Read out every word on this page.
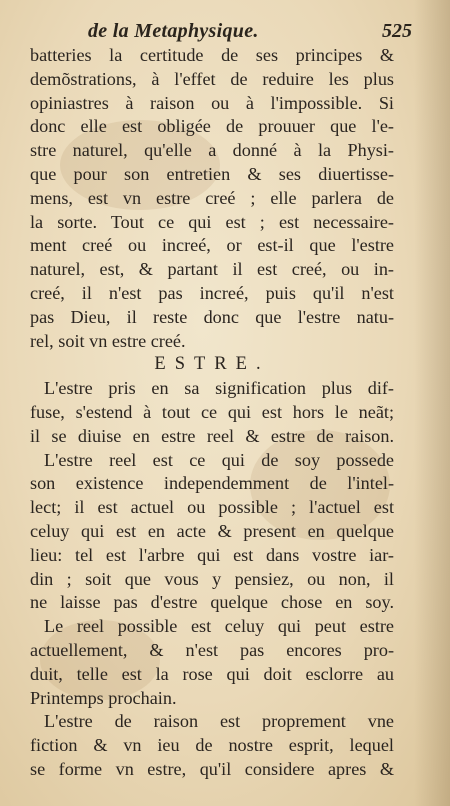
de la Metaphysique.	525
batteries la certitude de ses principes &
demõstrations, à l'effet de reduire les plus
opiniastres à raison ou à l'impossible. Si
donc elle est obligée de prouuer que l'e-
stre naturel, qu'elle a donné à la Physi-
que pour son entretien & ses diuertisse-
mens, est vn estre creé ; elle parlera de
la sorte. Tout ce qui est ; est necessaire-
ment creé ou increé, or est-il que l'estre
naturel, est, & partant il est creé, ou in-
creé, il n'est pas increé, puis qu'il n'est
pas Dieu, il reste donc que l'estre natu-
rel, soit vn estre creé.
ESTRE.
L'estre pris en sa signification plus dif-
fuse, s'estend à tout ce qui est hors le neãt;
il se diuise en estre reel & estre de raison.
L'estre reel est ce qui de soy possede
son existence independemment de l'intel-
lect; il est actuel ou possible ; l'actuel est
celuy qui est en acte & present en quelque
lieu: tel est l'arbre qui est dans vostre iar-
din ; soit que vous y pensiez, ou non, il
ne laisse pas d'estre quelque chose en soy.
Le reel possible est celuy qui peut estre
actuellement, & n'est pas encores pro-
duit, telle est la rose qui doit esclorre au
Printemps prochain.
L'estre de raison est proprement vne
fiction & vn ieu de nostre esprit, lequel
se forme vn estre, qu'il considere apres &
